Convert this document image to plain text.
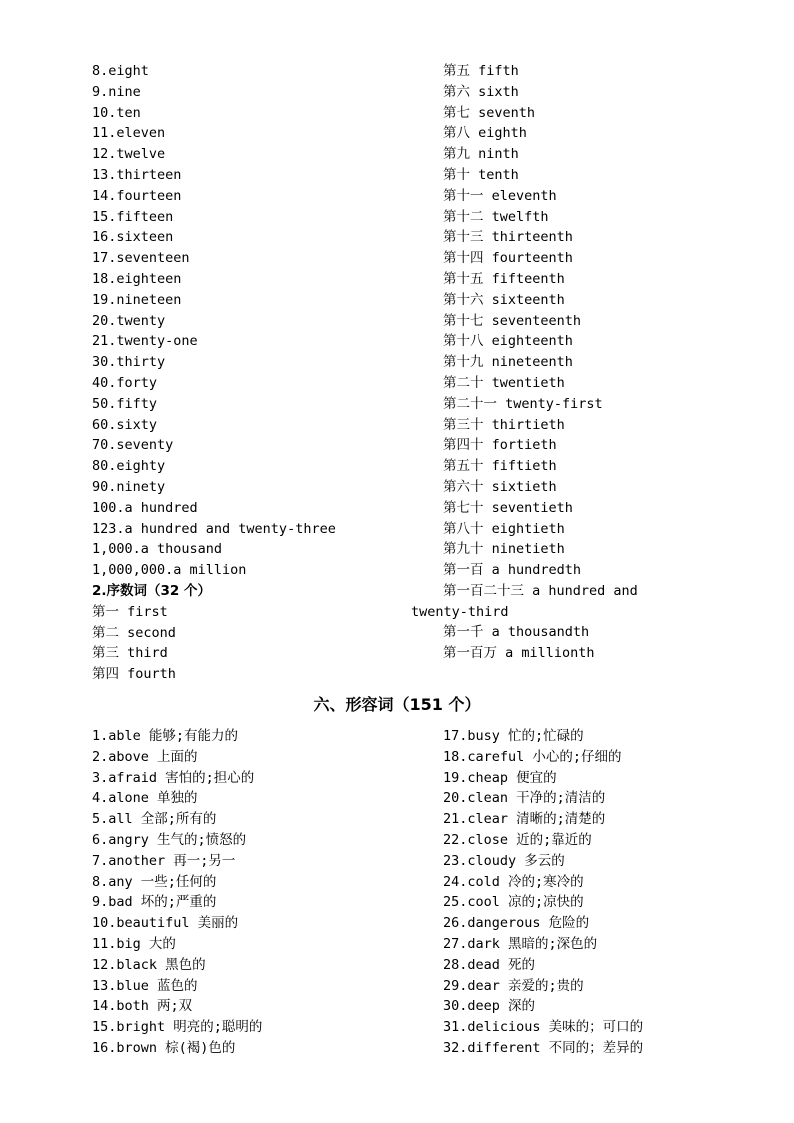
8.eight
9.nine
10.ten
11.eleven
12.twelve
13.thirteen
14.fourteen
15.fifteen
16.sixteen
17.seventeen
18.eighteen
19.nineteen
20.twenty
21.twenty-one
30.thirty
40.forty
50.fifty
60.sixty
70.seventy
80.eighty
90.ninety
100.a hundred
123.a hundred and twenty-three
1,000.a thousand
1,000,000.a million
2.序数词（32 个）
第一 first
第二 second
第三 third
第四 fourth
第五 fifth
第六 sixth
第七 seventh
第八 eighth
第九 ninth
第十 tenth
第十一 eleventh
第十二 twelfth
第十三 thirteenth
第十四 fourteenth
第十五 fifteenth
第十六 sixteenth
第十七 seventeenth
第十八 eighteenth
第十九 nineteenth
第二十 twentieth
第二十一 twenty-first
第三十 thirtieth
第四十 fortieth
第五十 fiftieth
第六十 sixtieth
第七十 seventieth
第八十 eightieth
第九十 ninetieth
第一百 a hundredth
第一百二十三 a hundred and
twenty-third
第一千 a thousandth
第一百万 a millionth
六、形容词（151 个）
1.able 能够;有能力的
2.above 上面的
3.afraid 害怕的;担心的
4.alone 单独的
5.all 全部;所有的
6.angry 生气的;愤怒的
7.another 再一;另一
8.any 一些;任何的
9.bad 坏的;严重的
10.beautiful 美丽的
11.big 大的
12.black 黑色的
13.blue 蓝色的
14.both 两;双
15.bright 明亮的;聪明的
16.brown 棕(褐)色的
17.busy 忙的;忙碌的
18.careful 小心的;仔细的
19.cheap 便宜的
20.clean 干净的;清洁的
21.clear 清晰的;清楚的
22.close 近的;靠近的
23.cloudy 多云的
24.cold 冷的;寒冷的
25.cool 凉的;凉快的
26.dangerous 危险的
27.dark 黑暗的;深色的
28.dead 死的
29.dear 亲爱的;贵的
30.deep 深的
31.delicious 美味的；可口的
32.different 不同的；差异的
